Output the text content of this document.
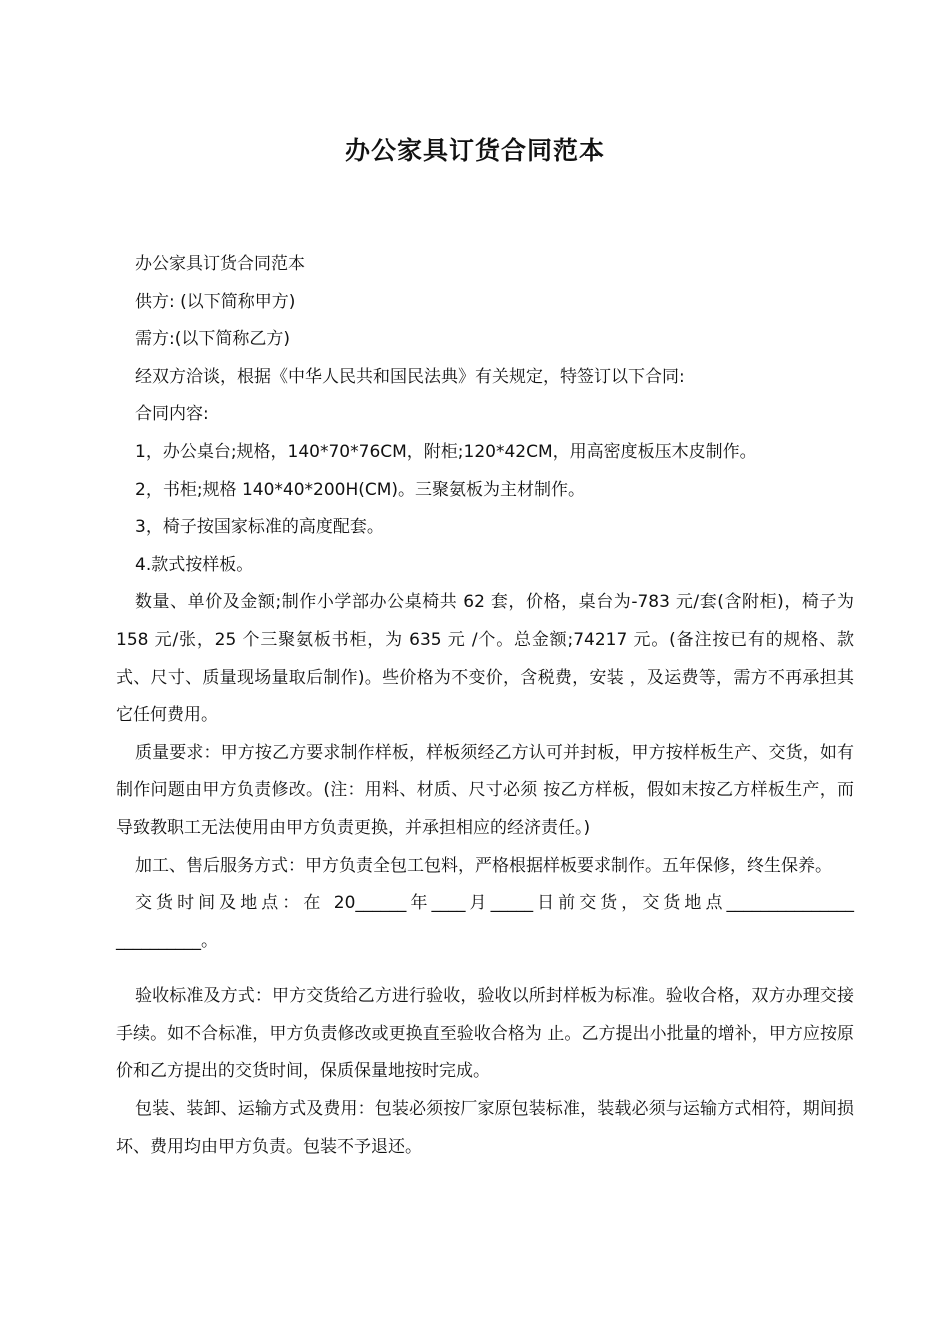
办公家具订货合同范本

办公家具订货合同范本

供方: (以下简称甲方)

需方:(以下简称乙方)

经双方洽谈，根据《中华人民共和国民法典》有关规定，特签订以下合同:

合同内容:

1，办公桌台;规格，140*70*76CM，附柜;120*42CM，用高密度板压木皮制作。

2，书柜;规格 140*40*200H(CM)。三聚氨板为主材制作。

3，椅子按国家标准的高度配套。

4.款式按样板。

数量、单价及金额;制作小学部办公桌椅共 62 套，价格，桌台为-783 元/套(含附柜)，椅子为 158 元/张，25 个三聚氨板书柜，为 635 元 /个。总金额;74217 元。(备注按已有的规格、款式、尺寸、质量现场量取后制作)。些价格为不变价，含税费，安装 ，及运费等，需方不再承担其它任何费用。

质量要求：甲方按乙方要求制作样板，样板须经乙方认可并封板，甲方按样板生产、交货，如有制作问题由甲方负责修改。(注：用料、材质、尺寸必须 按乙方样板，假如末按乙方样板生产，而导致教职工无法使用由甲方负责更换，并承担相应的经济责任。)

加工、售后服务方式：甲方负责全包工包料，严格根据样板要求制作。五年保修，终生保养。

交货时间及地点：在 20______年____月_____日前交货，交货地点_______________ __________。

验收标准及方式：甲方交货给乙方进行验收，验收以所封样板为标准。验收合格，双方办理交接手续。如不合标准，甲方负责修改或更换直至验收合格为 止。乙方提出小批量的增补，甲方应按原价和乙方提出的交货时间，保质保量地按时完成。

包装、装卸、运输方式及费用：包装必须按厂家原包装标准，装载必须与运输方式相符，期间损坏、费用均由甲方负责。包装不予退还。
